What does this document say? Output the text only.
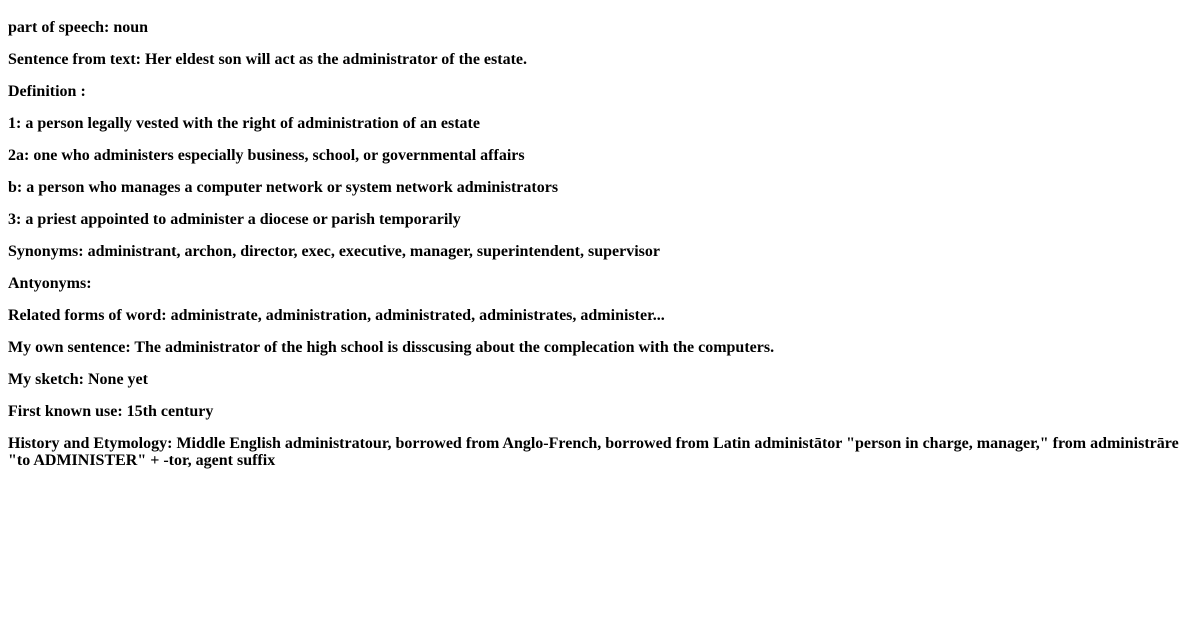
part of speech: noun
Sentence from text: Her eldest son will act as the administrator of the estate.
Definition :
1: a person legally vested with the right of administration of an estate
2a: one who administers especially business, school, or governmental affairs
b: a person who manages a computer network or system network administrators
3: a priest appointed to administer a diocese or parish temporarily
Synonyms: administrant, archon, director, exec, executive, manager, superintendent, supervisor
Antyonyms:
Related forms of word: administrate, administration, administrated, administrates, administer...
My own sentence: The administrator of the high school is disscusing about the complecation with the computers.
My sketch: None yet
First known use: 15th century
History and Etymology: Middle English administratour, borrowed from Anglo-French, borrowed from Latin administātor "person in charge, manager," from administrāre "to ADMINISTER" + -tor, agent suffix
